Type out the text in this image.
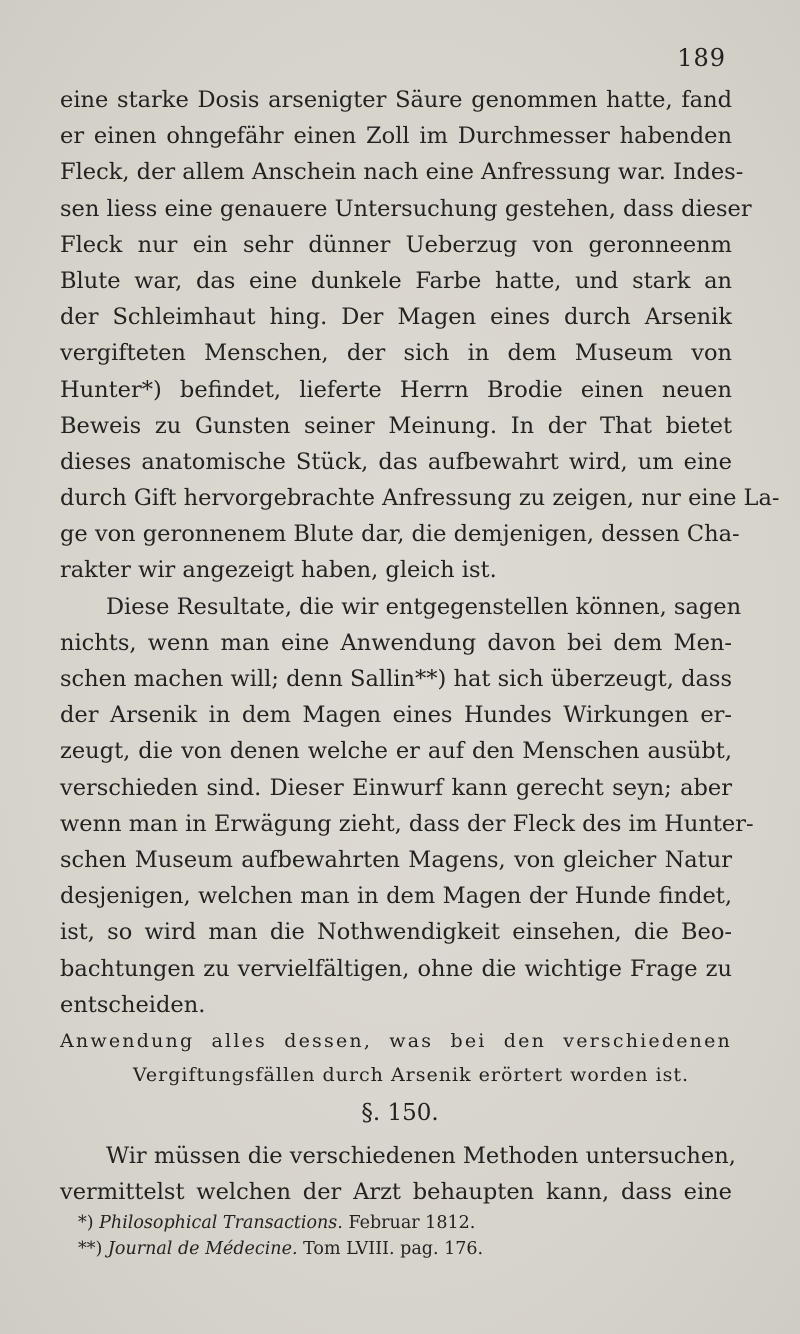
189
eine starke Dosis arsenigter Säure genommen hatte, fand
er einen ohngefähr einen Zoll im Durchmesser habenden
Fleck, der allem Anschein nach eine Anfressung war. Indes-
sen liess eine genauere Untersuchung gestehen, dass dieser
Fleck nur ein sehr dünner Ueberzug von geronneenm
Blute war, das eine dunkele Farbe hatte, und stark an
der Schleimhaut hing. Der Magen eines durch Arsenik
vergifteten Menschen, der sich in dem Museum von
Hunter*) befindet, lieferte Herrn Brodie einen neuen
Beweis zu Gunsten seiner Meinung. In der That bietet
dieses anatomische Stück, das aufbewahrt wird, um eine
durch Gift hervorgebrachte Anfressung zu zeigen, nur eine La-
ge von geronnenem Blute dar, die demjenigen, dessen Cha-
rakter wir angezeigt haben, gleich ist.
Diese Resultate, die wir entgegenstellen können, sagen
nichts, wenn man eine Anwendung davon bei dem Men-
schen machen will; denn Sallin**) hat sich überzeugt, dass
der Arsenik in dem Magen eines Hundes Wirkungen er-
zeugt, die von denen welche er auf den Menschen ausübt,
verschieden sind. Dieser Einwurf kann gerecht seyn; aber
wenn man in Erwägung zieht, dass der Fleck des im Hunter-
schen Museum aufbewahrten Magens, von gleicher Natur
desjenigen, welchen man in dem Magen der Hunde findet,
ist, so wird man die Nothwendigkeit einsehen, die Beo-
bachtungen zu vervielfältigen, ohne die wichtige Frage zu
entscheiden.
Anwendung alles dessen, was bei den verschiedenen
Vergiftungsfällen durch Arsenik erörtert worden ist.
§. 150.
Wir müssen die verschiedenen Methoden untersuchen,
vermittelst welchen der Arzt behaupten kann, dass eine
*) Philosophical Transactions. Februar 1812.
**) Journal de Médecine. Tom LVIII. pag. 176.
